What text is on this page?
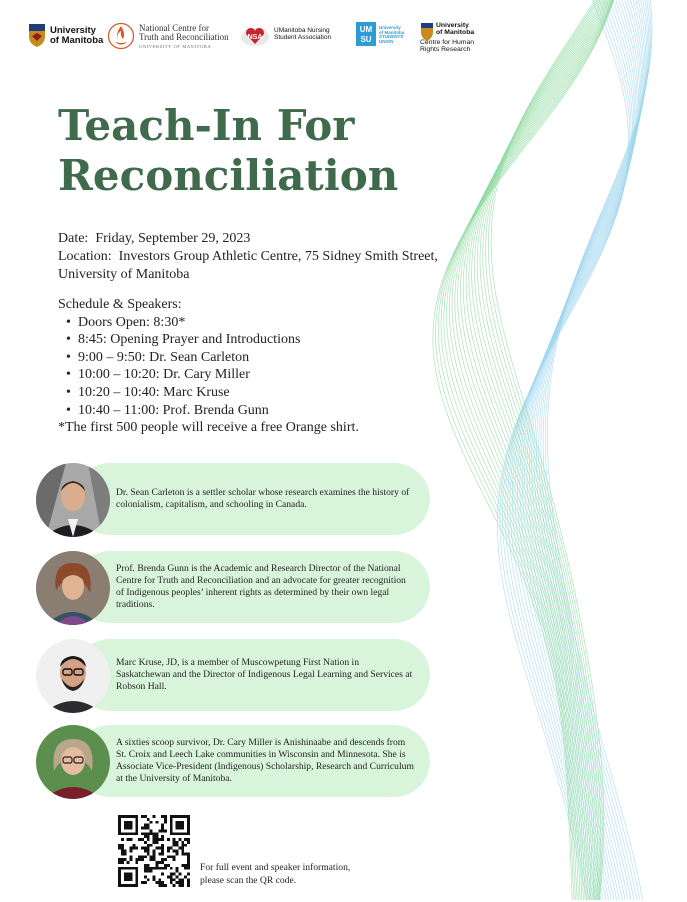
University
of Manitoba
National Centre for
Truth and Reconciliation
UNIVERSITY OF MANITOBA
NSA
UManitoba Nursing
Student Association
UM
SU
University
of Manitoba
STUDENTS'
UNION
University
of Manitoba
Centre for Human
Rights Research
Teach-In For
Reconciliation
Date: Friday, September 29, 2023
Location: Investors Group Athletic Centre, 75 Sidney Smith Street,
University of Manitoba
Schedule & Speakers:
• Doors Open: 8:30*
• 8:45: Opening Prayer and Introductions
• 9:00 – 9:50: Dr. Sean Carleton
• 10:00 – 10:20: Dr. Cary Miller
• 10:20 – 10:40: Marc Kruse
• 10:40 – 11:00: Prof. Brenda Gunn
*The first 500 people will receive a free Orange shirt.
Dr. Sean Carleton is a settler scholar whose research examines the history of colonialism, capitalism, and schooling in Canada.
Prof. Brenda Gunn is the Academic and Research Director of the National Centre for Truth and Reconciliation and an advocate for greater recognition of Indigenous peoples’ inherent rights as determined by their own legal traditions.
Marc Kruse, JD, is a member of Muscowpetung First Nation in Saskatchewan and the Director of Indigenous Legal Learning and Services at Robson Hall.
A sixties scoop survivor, Dr. Cary Miller is Anishinaabe and descends from St. Croix and Leech Lake communities in Wisconsin and Minnesota. She is Associate Vice-President (Indigenous) Scholarship, Research and Curriculum at the University of Manitoba.
For full event and speaker information,
please scan the QR code.
